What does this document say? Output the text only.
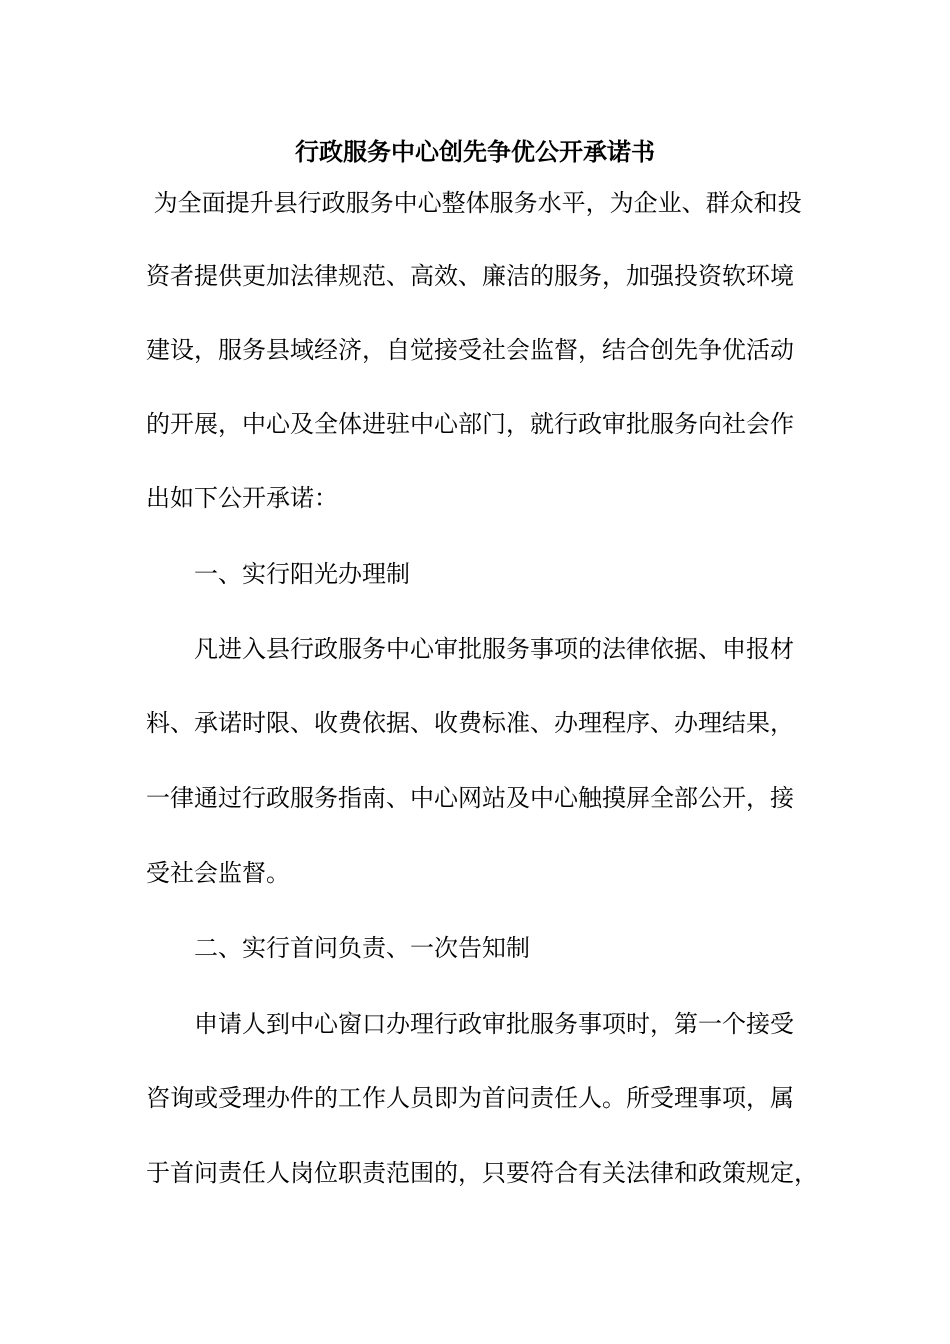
行政服务中心创先争优公开承诺书
为全面提升县行政服务中心整体服务水平，为企业、群众和投
资者提供更加法律规范、高效、廉洁的服务，加强投资软环境
建设，服务县域经济，自觉接受社会监督，结合创先争优活动
的开展，中心及全体进驻中心部门，就行政审批服务向社会作
出如下公开承诺：
　　一、实行阳光办理制
　　凡进入县行政服务中心审批服务事项的法律依据、申报材
料、承诺时限、收费依据、收费标准、办理程序、办理结果，
一律通过行政服务指南、中心网站及中心触摸屏全部公开，接
受社会监督。
　　二、实行首问负责、一次告知制
　　申请人到中心窗口办理行政审批服务事项时，第一个接受
咨询或受理办件的工作人员即为首问责任人。所受理事项，属
于首问责任人岗位职责范围的，只要符合有关法律和政策规定，
